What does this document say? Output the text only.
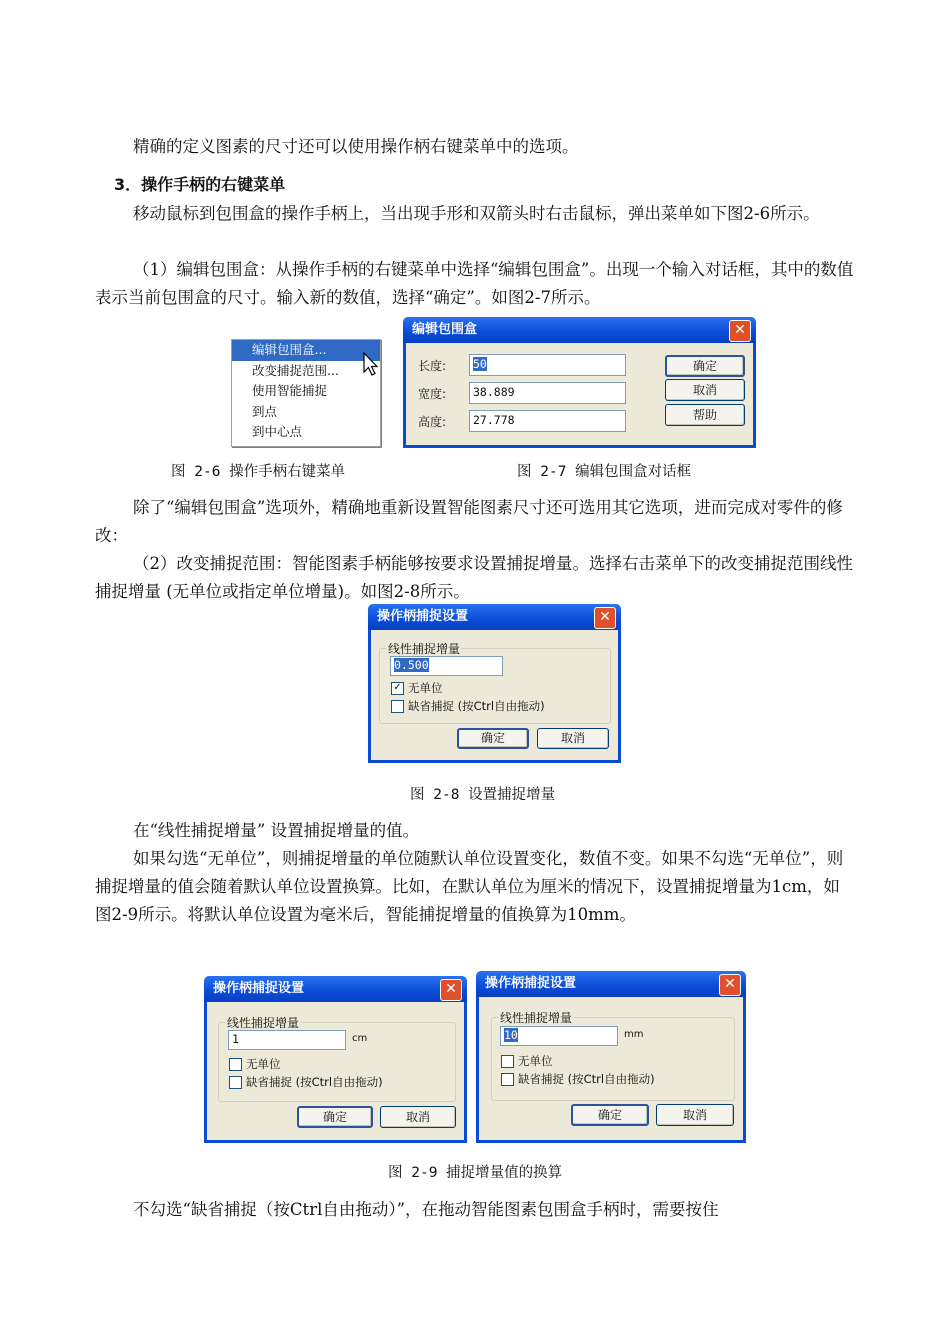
精确的定义图素的尺寸还可以使用操作柄右键菜单中的选项。

3．操作手柄的右键菜单

移动鼠标到包围盒的操作手柄上，当出现手形和双箭头时右击鼠标，弹出菜单如下图2-6所示。

（1）编辑包围盒：从操作手柄的右键菜单中选择“编辑包围盒”。出现一个输入对话框，其中的数值表示当前包围盒的尺寸。输入新的数值，选择“确定”。如图2-7所示。

编辑包围盒...
改变捕捉范围...
使用智能捕捉
到点
到中心点
编辑包围盒	✕
长度:	50
宽度:	38.889
高度:	27.778
确定
取消
帮助
图 2-6 操作手柄右键菜单	图 2-7 编辑包围盒对话框

除了“编辑包围盒”选项外，精确地重新设置智能图素尺寸还可选用其它选项，进而完成对零件的修改：

（2）改变捕捉范围：智能图素手柄能够按要求设置捕捉增量。选择右击菜单下的改变捕捉范围线性捕捉增量 (无单位或指定单位增量)。如图2-8所示。

操作柄捕捉设置	✕
线性捕捉增量
0.500
✓ 无单位
缺省捕捉 (按Ctrl自由拖动)
确定	取消
图 2-8 设置捕捉增量

在“线性捕捉增量” 设置捕捉增量的值。

如果勾选“无单位”，则捕捉增量的单位随默认单位设置变化，数值不变。如果不勾选“无单位”，则捕捉增量的值会随着默认单位设置换算。比如，在默认单位为厘米的情况下，设置捕捉增量为1cm，如图2-9所示。将默认单位设置为毫米后，智能捕捉增量的值换算为10mm。

操作柄捕捉设置	✕
线性捕捉增量
1	cm
无单位
缺省捕捉 (按Ctrl自由拖动)
确定	取消
操作柄捕捉设置	✕
线性捕捉增量
10	mm
无单位
缺省捕捉 (按Ctrl自由拖动)
确定	取消
图 2-9 捕捉增量值的换算

不勾选“缺省捕捉（按Ctrl自由拖动）”，在拖动智能图素包围盒手柄时，需要按住
